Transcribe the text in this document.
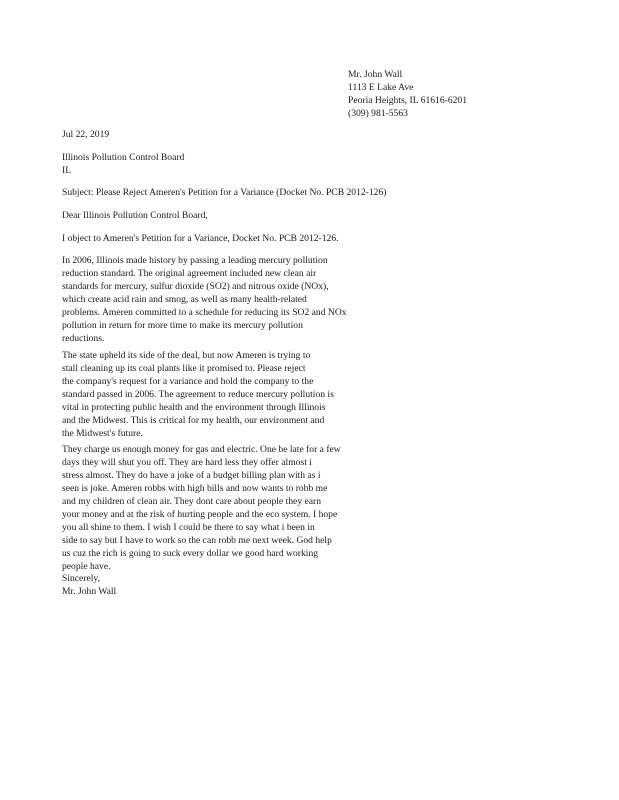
Mr. John Wall
1113 E Lake Ave
Peoria Heights, IL 61616-6201
(309) 981-5563
Jul 22, 2019
Illinois Pollution Control Board
IL
Subject: Please Reject Ameren's Petition for a Variance (Docket No. PCB 2012-126)
Dear Illinois Pollution Control Board,
I object to Ameren's Petition for a Variance, Docket No. PCB 2012-126.
In 2006, Illinois made history by passing a leading mercury pollution
reduction standard. The original agreement included new clean air
standards for mercury, sulfur dioxide (SO2) and nitrous oxide (NOx),
which create acid rain and smog, as well as many health-related
problems. Ameren committed to a schedule for reducing its SO2 and NOx
pollution in return for more time to make its mercury pollution
reductions.
The state upheld its side of the deal, but now Ameren is trying to
stall cleaning up its coal plants like it promised to. Please reject
the company's request for a variance and hold the company to the
standard passed in 2006. The agreement to reduce mercury pollution is
vital in protecting public health and the environment through Illinois
and the Midwest. This is critical for my health, our environment and
the Midwest's future.
They charge us enough money for gas and electric. One be late for a few
days they will shut you off. They are hard less they offer almost i
stress almost. They do have a joke of a budget billing plan with as i
seen is joke. Ameren robbs with high bills and now wants to robb me
and my children of clean air. They dont care about people they earn
your money and at the risk of hurting people and the eco system. I hope
you all shine to them. I wish I could be there to say what i been in
side to say but I have to work so the can robb me next week. God help
us cuz the rich is going to suck every dollar we good hard working
people have.
Sincerely,
Mr. John Wall
